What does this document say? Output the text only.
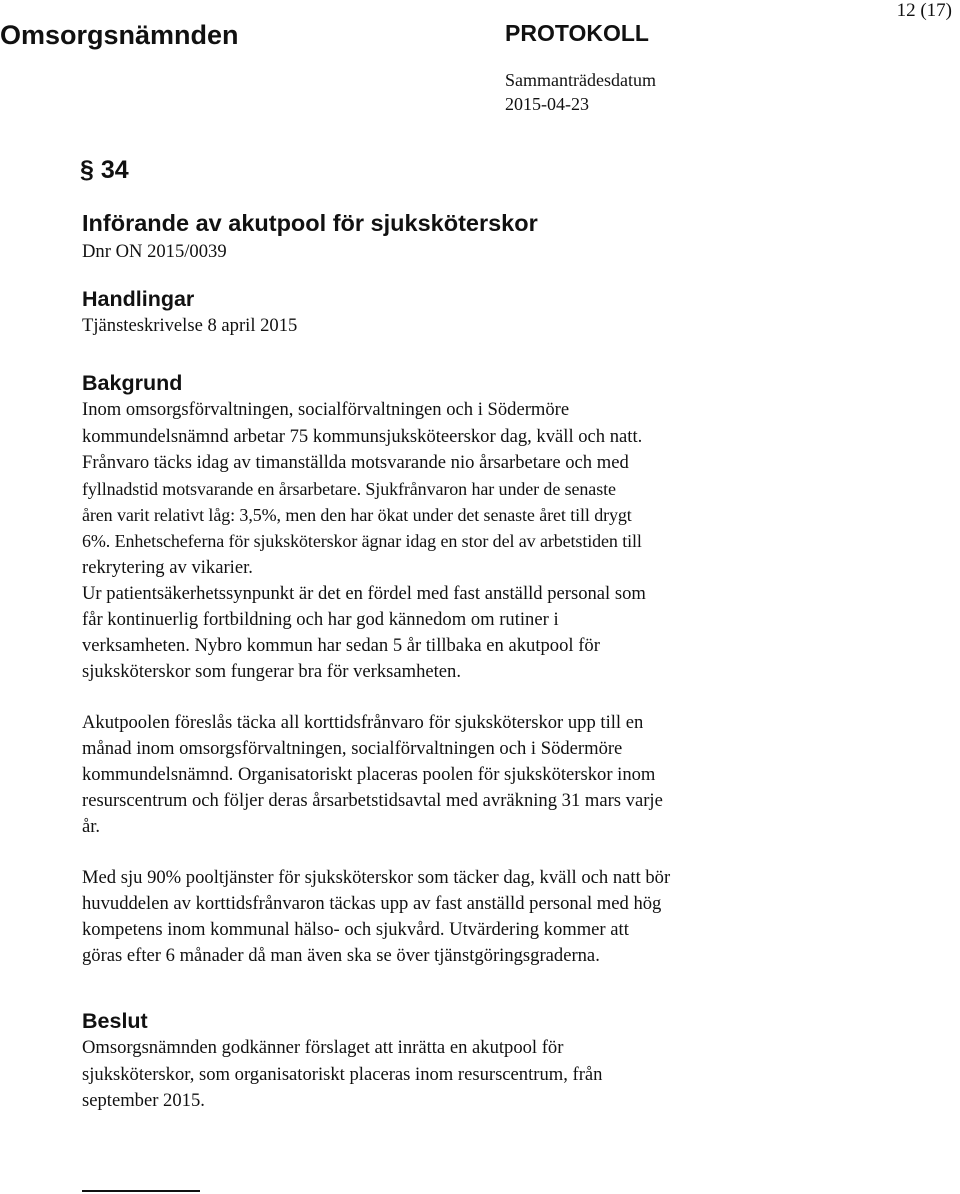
Omsorgsnämnden	PROTOKOLL
Sammanträdesdatum
2015-04-23
12 (17)
§ 34
Införande av akutpool för sjuksköterskor

Dnr ON 2015/0039

Handlingar

Tjänsteskrivelse 8 april 2015

Bakgrund

Inom omsorgsförvaltningen, socialförvaltningen och i Södermöre

kommundelsnämnd arbetar 75 kommunsjuksköteerskor dag, kväll och natt.

Frånvaro täcks idag av timanställda motsvarande nio årsarbetare och med

fyllnadstid motsvarande en årsarbetare. Sjukfrånvaron har under de senaste

åren varit relativt låg: 3,5%, men den har ökat under det senaste året till drygt

6%. Enhetscheferna för sjuksköterskor ägnar idag en stor del av arbetstiden till

rekrytering av vikarier.

Ur patientsäkerhetssynpunkt är det en fördel med fast anställd personal som

får kontinuerlig fortbildning och har god kännedom om rutiner i

verksamheten. Nybro kommun har sedan 5 år tillbaka en akutpool för

sjuksköterskor som fungerar bra för verksamheten.

Akutpoolen föreslås täcka all korttidsfrånvaro för sjuksköterskor upp till en

månad inom omsorgsförvaltningen, socialförvaltningen och i Södermöre

kommundelsnämnd. Organisatoriskt placeras poolen för sjuksköterskor inom

resurscentrum och följer deras årsarbetstidsavtal med avräkning 31 mars varje

år.

Med sju 90% pooltjänster för sjuksköterskor som täcker dag, kväll och natt bör

huvuddelen av korttidsfrånvaron täckas upp av fast anställd personal med hög

kompetens inom kommunal hälso- och sjukvård. Utvärdering kommer att

göras efter 6 månader då man även ska se över tjänstgöringsgraderna.

Beslut

Omsorgsnämnden godkänner förslaget att inrätta en akutpool för

sjuksköterskor, som organisatoriskt placeras inom resurscentrum, från

september 2015.
